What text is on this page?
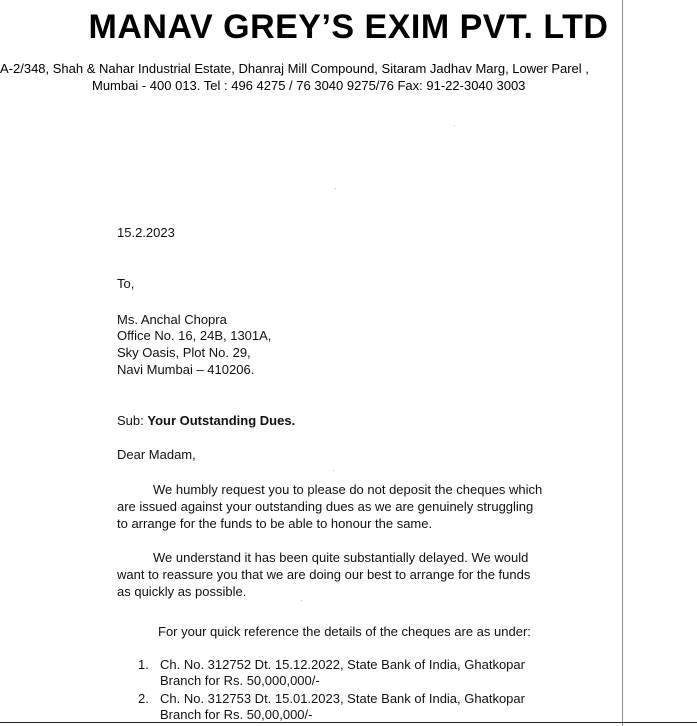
MANAV GREY’S EXIM PVT. LTD
A-2/348, Shah & Nahar Industrial Estate, Dhanraj Mill Compound, Sitaram Jadhav Marg, Lower Parel ,
Mumbai - 400 013. Tel : 496 4275 / 76 3040 9275/76 Fax: 91-22-3040 3003
15.2.2023
To,
Ms. Anchal Chopra
Office No. 16, 24B, 1301A,
Sky Oasis, Plot No. 29,
Navi Mumbai – 410206.
Sub: Your Outstanding Dues.
Dear Madam,
We humbly request you to please do not deposit the cheques which
are issued against your outstanding dues as we are genuinely struggling
to arrange for the funds to be able to honour the same.
We understand it has been quite substantially delayed. We would
want to reassure you that we are doing our best to arrange for the funds
as quickly as possible.
For your quick reference the details of the cheques are as under:
1. Ch. No. 312752 Dt. 15.12.2022, State Bank of India, Ghatkopar
Branch for Rs. 50,000,000/-
2. Ch. No. 312753 Dt. 15.01.2023, State Bank of India, Ghatkopar
Branch for Rs. 50,00,000/-
